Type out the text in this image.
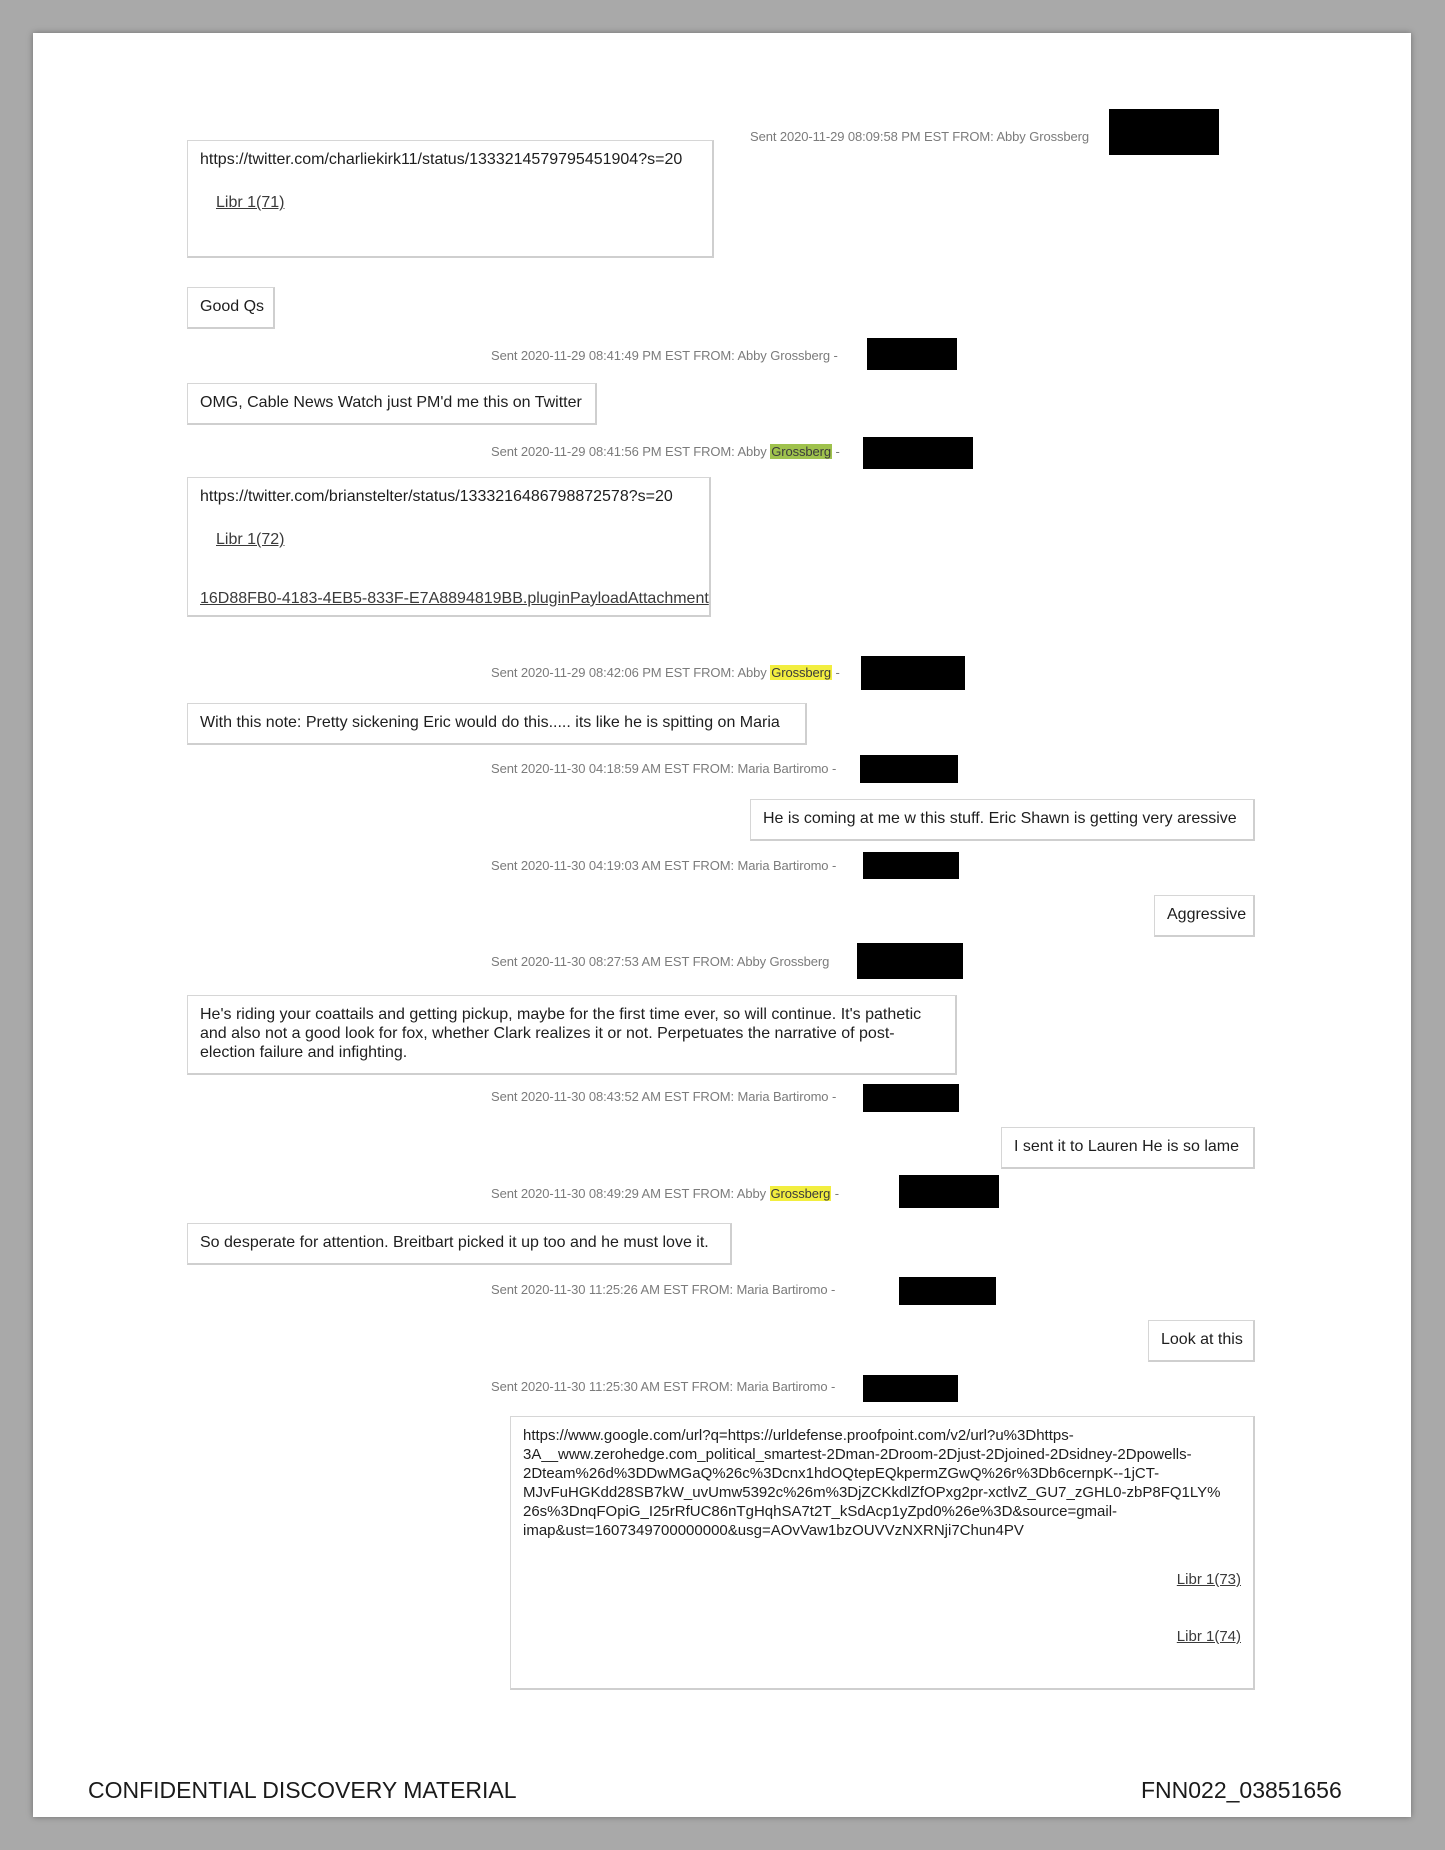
Sent 2020-11-29 08:09:58 PM EST FROM: Abby Grossberg
https://twitter.com/charliekirk11/status/1333214579795451904?s=20
Libr 1(71)
Good Qs
Sent 2020-11-29 08:41:49 PM EST FROM: Abby Grossberg -
OMG, Cable News Watch just PM'd me this on Twitter
Sent 2020-11-29 08:41:56 PM EST FROM: Abby Grossberg -
https://twitter.com/brianstelter/status/1333216486798872578?s=20
Libr 1(72)
16D88FB0-4183-4EB5-833F-E7A8894819BB.pluginPayloadAttachment
Sent 2020-11-29 08:42:06 PM EST FROM: Abby Grossberg -
With this note: Pretty sickening Eric would do this..... its like he is spitting on Maria
Sent 2020-11-30 04:18:59 AM EST FROM: Maria Bartiromo -
He is coming at me w this stuff. Eric Shawn is getting very aressive
Sent 2020-11-30 04:19:03 AM EST FROM: Maria Bartiromo -
Aggressive
Sent 2020-11-30 08:27:53 AM EST FROM: Abby Grossberg
He's riding your coattails and getting pickup, maybe for the first time ever, so will continue. It's pathetic
and also not a good look for fox, whether Clark realizes it or not. Perpetuates the narrative of post-
election failure and infighting.
Sent 2020-11-30 08:43:52 AM EST FROM: Maria Bartiromo -
I sent it to Lauren He is so lame
Sent 2020-11-30 08:49:29 AM EST FROM: Abby Grossberg -
So desperate for attention. Breitbart picked it up too and he must love it.
Sent 2020-11-30 11:25:26 AM EST FROM: Maria Bartiromo -
Look at this
Sent 2020-11-30 11:25:30 AM EST FROM: Maria Bartiromo -
https://www.google.com/url?q=https://urldefense.proofpoint.com/v2/url?u%3Dhttps-
3A__www.zerohedge.com_political_smartest-2Dman-2Droom-2Djust-2Djoined-2Dsidney-2Dpowells-
2Dteam%26d%3DDwMGaQ%26c%3Dcnx1hdOQtepEQkpermZGwQ%26r%3Db6cernpK--1jCT-
MJvFuHGKdd28SB7kW_uvUmw5392c%26m%3DjZCKkdlZfOPxg2pr-xctlvZ_GU7_zGHL0-zbP8FQ1LY%
26s%3DnqFOpiG_I25rRfUC86nTgHqhSA7t2T_kSdAcp1yZpd0%26e%3D&source=gmail-
imap&ust=1607349700000000&usg=AOvVaw1bzOUVVzNXRNji7Chun4PV
Libr 1(73)
Libr 1(74)
CONFIDENTIAL DISCOVERY MATERIAL	FNN022_03851656
